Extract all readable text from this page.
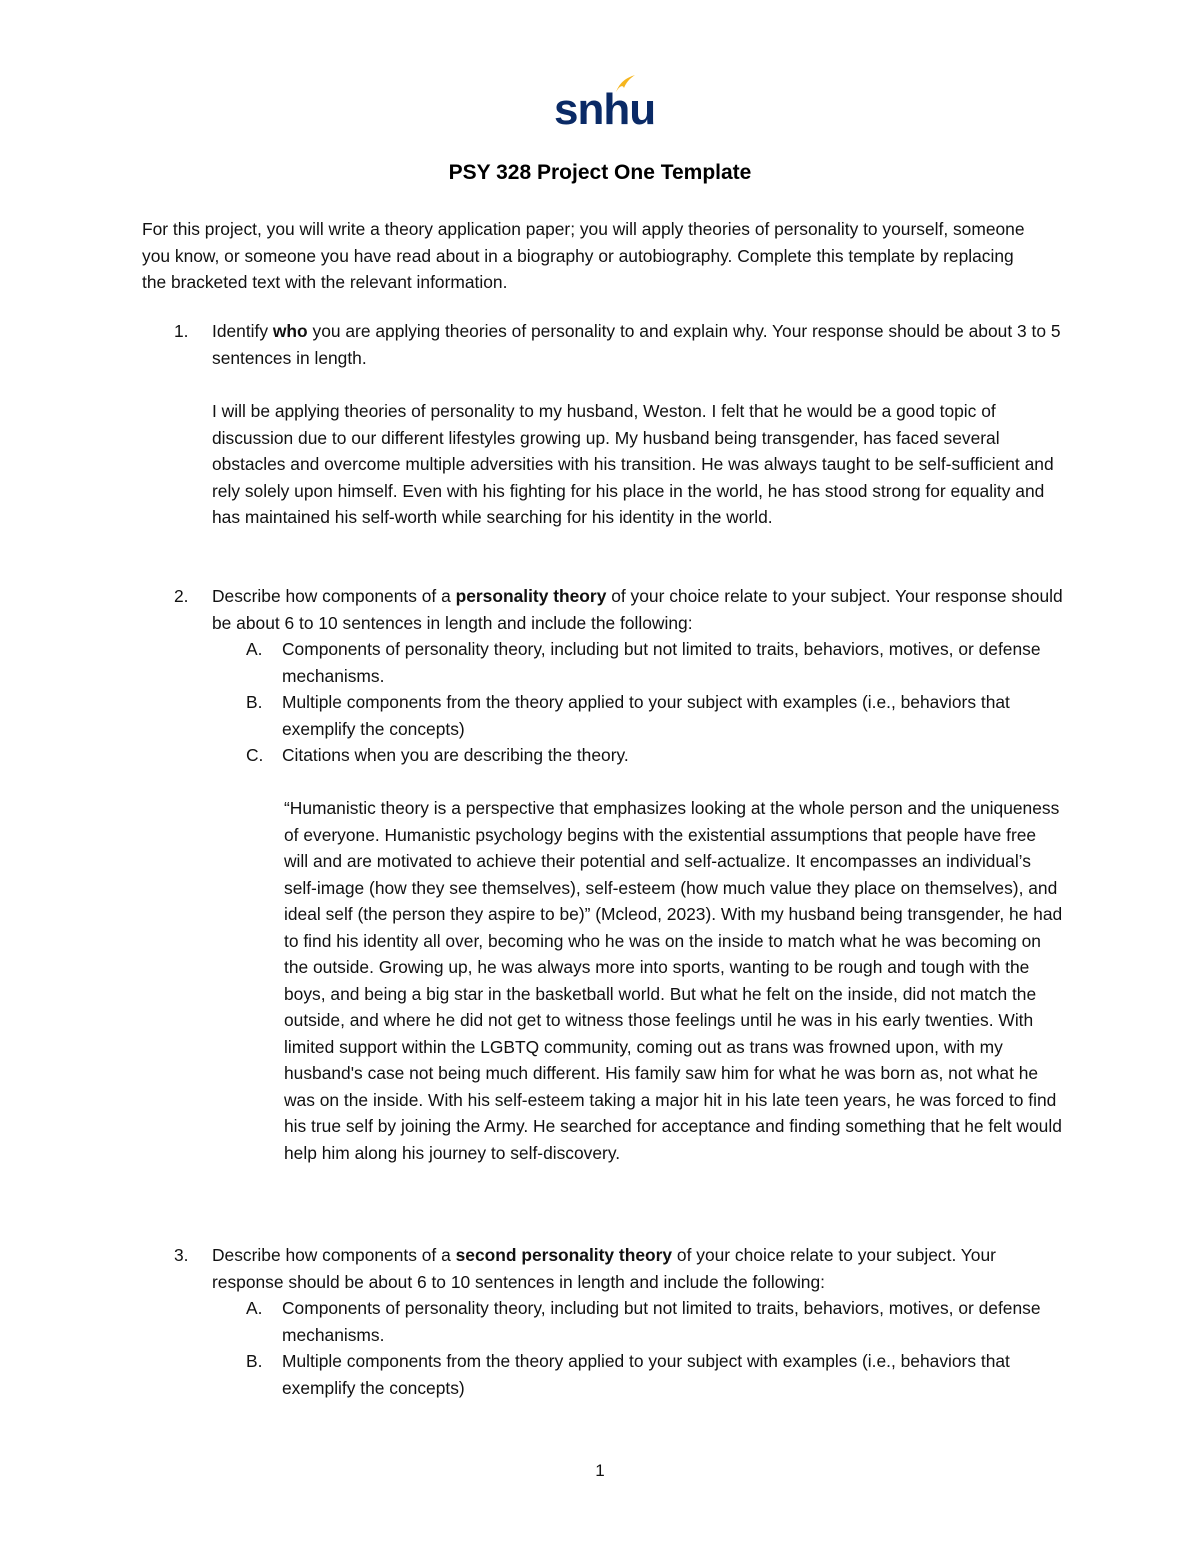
snhu
PSY 328 Project One Template

For this project, you will write a theory application paper; you will apply theories of personality to yourself, someone you know, or someone you have read about in a biography or autobiography. Complete this template by replacing the bracketed text with the relevant information.

1. Identify who you are applying theories of personality to and explain why. Your response should be about 3 to 5 sentences in length.

I will be applying theories of personality to my husband, Weston. I felt that he would be a good topic of discussion due to our different lifestyles growing up. My husband being transgender, has faced several obstacles and overcome multiple adversities with his transition. He was always taught to be self-sufficient and rely solely upon himself. Even with his fighting for his place in the world, he has stood strong for equality and has maintained his self-worth while searching for his identity in the world.

2. Describe how components of a personality theory of your choice relate to your subject. Your response should be about 6 to 10 sentences in length and include the following:

A. Components of personality theory, including but not limited to traits, behaviors, motives, or defense mechanisms.

B. Multiple components from the theory applied to your subject with examples (i.e., behaviors that exemplify the concepts)

C. Citations when you are describing the theory.

“Humanistic theory is a perspective that emphasizes looking at the whole person and the uniqueness of everyone. Humanistic psychology begins with the existential assumptions that people have free will and are motivated to achieve their potential and self-actualize. It encompasses an individual’s self-image (how they see themselves), self-esteem (how much value they place on themselves), and ideal self (the person they aspire to be)” (Mcleod, 2023). With my husband being transgender, he had to find his identity all over, becoming who he was on the inside to match what he was becoming on the outside. Growing up, he was always more into sports, wanting to be rough and tough with the boys, and being a big star in the basketball world. But what he felt on the inside, did not match the outside, and where he did not get to witness those feelings until he was in his early twenties. With limited support within the LGBTQ community, coming out as trans was frowned upon, with my husband's case not being much different. His family saw him for what he was born as, not what he was on the inside. With his self-esteem taking a major hit in his late teen years, he was forced to find his true self by joining the Army. He searched for acceptance and finding something that he felt would help him along his journey to self-discovery.

3. Describe how components of a second personality theory of your choice relate to your subject. Your response should be about 6 to 10 sentences in length and include the following:

A. Components of personality theory, including but not limited to traits, behaviors, motives, or defense mechanisms.

B. Multiple components from the theory applied to your subject with examples (i.e., behaviors that exemplify the concepts)

1
